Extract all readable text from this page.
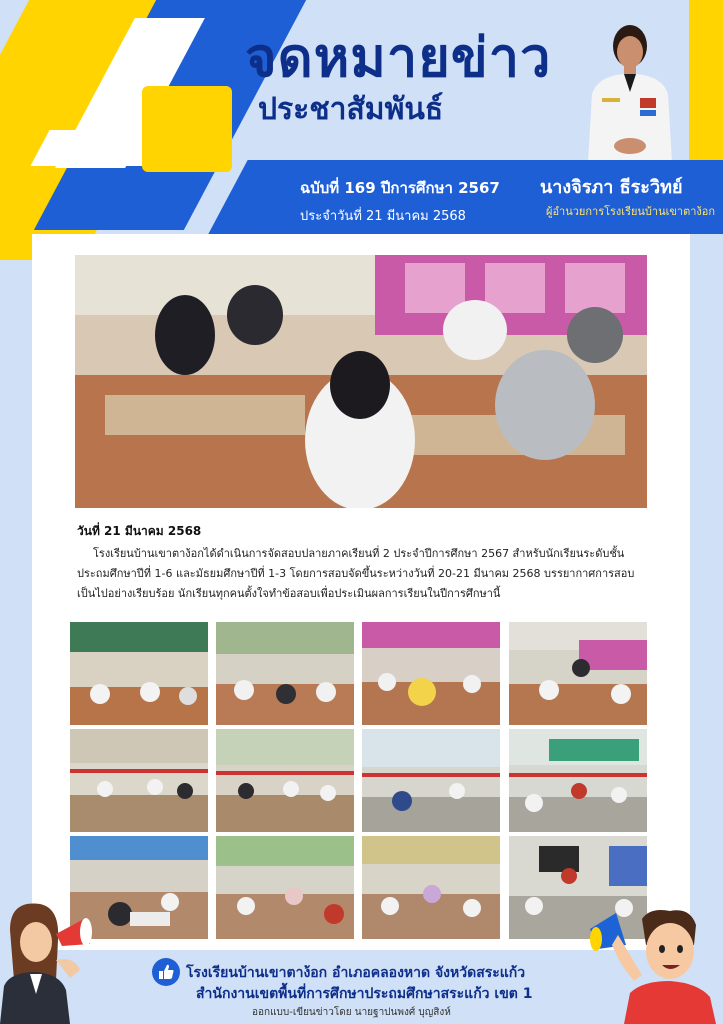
จดหมายข่าว
ประชาสัมพันธ์
ฉบับที่ 169 ปีการศึกษา 2567
ประจำวันที่ 21 มีนาคม 2568
นางจิรภา ธีระวิทย์
ผู้อำนวยการโรงเรียนบ้านเขาตาง้อก
วันที่ 21 มีนาคม 2568
โรงเรียนบ้านเขาตาง้อกได้ดำเนินการจัดสอบปลายภาคเรียนที่ 2 ประจำปีการศึกษา 2567 สำหรับนักเรียนระดับชั้นประถมศึกษาปีที่ 1-6 และมัธยมศึกษาปีที่ 1-3 โดยการสอบจัดขึ้นระหว่างวันที่ 20-21 มีนาคม 2568 บรรยากาศการสอบเป็นไปอย่างเรียบร้อย นักเรียนทุกคนตั้งใจทำข้อสอบเพื่อประเมินผลการเรียนในปีการศึกษานี้
โรงเรียนบ้านเขาตาง้อก อำเภอคลองหาด จังหวัดสระแก้ว
สำนักงานเขตพื้นที่การศึกษาประถมศึกษาสระแก้ว เขต 1
ออกแบบ-เขียนข่าวโดย นายฐาปนพงศ์ บุญสิงห์
